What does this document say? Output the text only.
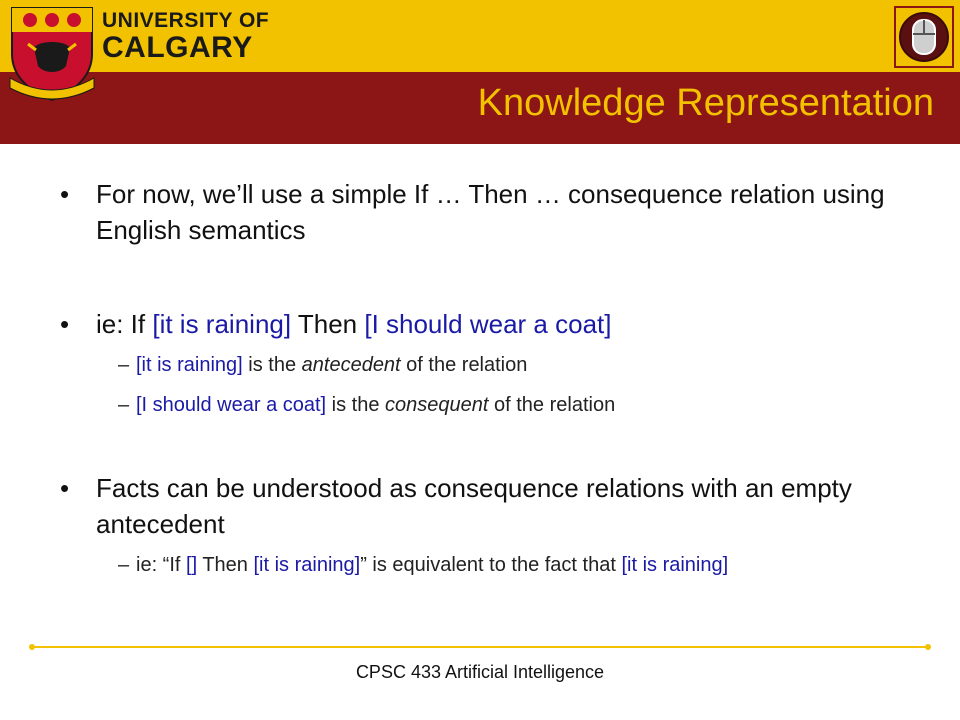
UNIVERSITY OF
CALGARY
Knowledge Representation
• For now, we’ll use a simple If … Then … consequence relation using English semantics
• ie: If [it is raining] Then [I should wear a coat]
– [it is raining] is the antecedent of the relation
– [I should wear a coat] is the consequent of the relation
• Facts can be understood as consequence relations with an empty antecedent
– ie: “If [] Then [it is raining]” is equivalent to the fact that [it is raining]
CPSC 433 Artificial Intelligence
